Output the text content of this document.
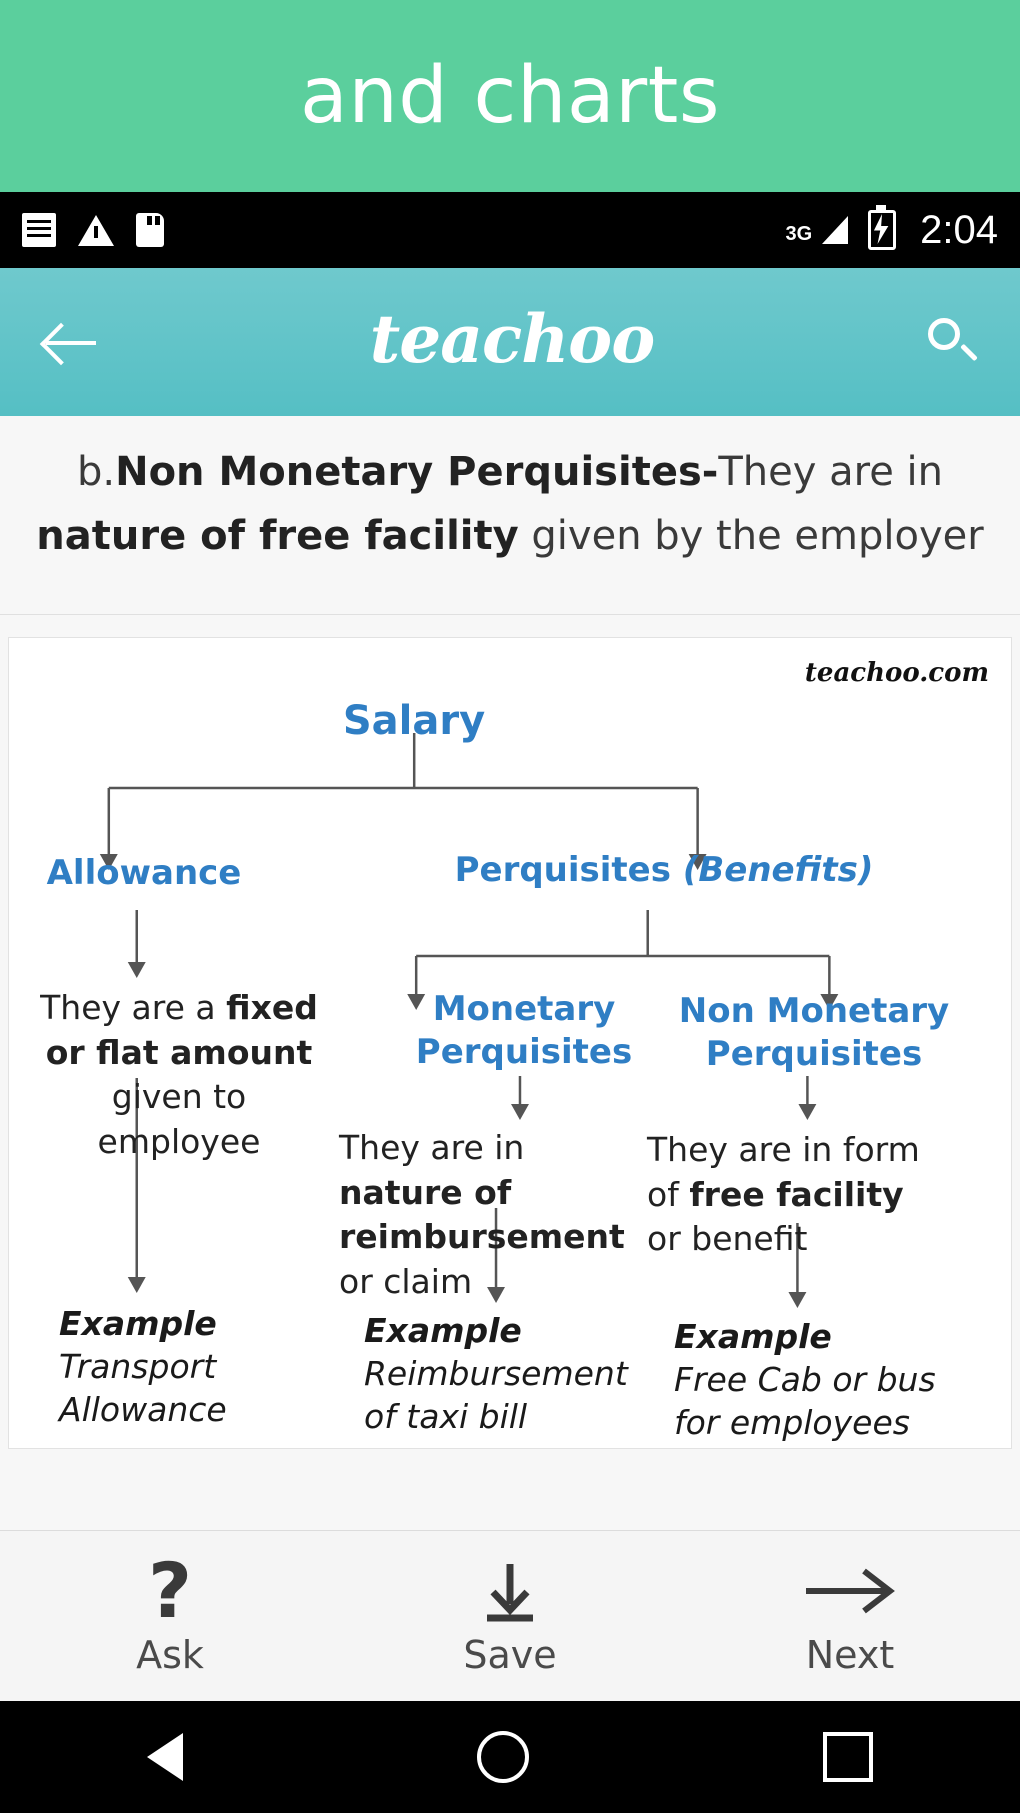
and charts
3G	2:04
teachoo
b.Non Monetary Perquisites-They are in nature of free facility given by the employer
teachoo.com
Salary
Allowance	Perquisites (Benefits)
Monetary
Perquisites
Non Monetary
Perquisites
They are a fixed or flat amount given to employee	They are in nature of reimbursement or claim
They are in form of free facility or benefit
Example
Transport Allowance
Example
Reimbursement of taxi bill
Example
Free Cab or bus for employees
?
Ask	Save	Next
